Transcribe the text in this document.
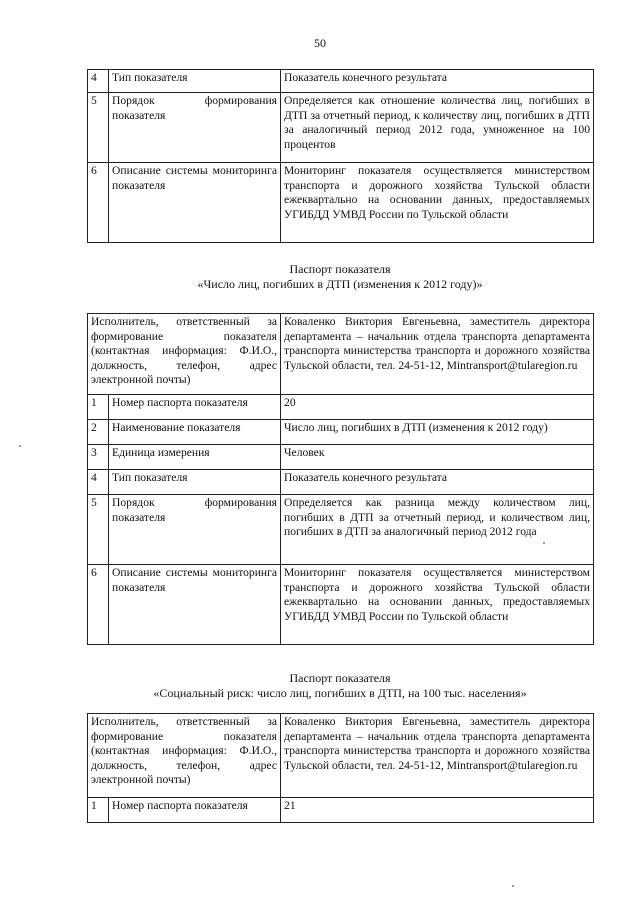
50
4	Тип показателя	Показатель конечного результата
5	Порядок формирования показателя	Определяется как отношение количества лиц, погибших в ДТП за отчетный период, к количеству лиц, погибших в ДТП за аналогичный период 2012 года, умноженное на 100 процентов
6	Описание системы мониторинга показателя	Мониторинг показателя осуществляется министерством транспорта и дорожного хозяйства Тульской области ежеквартально на основании данных, предоставляемых УГИБДД УМВД России по Тульской области
Паспорт показателя
«Число лиц, погибших в ДТП (изменения к 2012 году)»
Исполнитель, ответственный за формирование показателя (контактная информация: Ф.И.О., должность, телефон, адрес электронной почты)		Коваленко Виктория Евгеньевна, заместитель директора департамента – начальник отдела транспорта департамента транспорта министерства транспорта и дорожного хозяйства Тульской области, тел. 24-51-12, Mintransport@tularegion.ru
1	Номер паспорта показателя	20
2	Наименование показателя	Число лиц, погибших в ДТП (изменения к 2012 году)
3	Единица измерения	Человек
4	Тип показателя	Показатель конечного результата
5	Порядок формирования показателя	Определяется как разница между количеством лиц, погибших в ДТП за отчетный период, и количеством лиц, погибших в ДТП за аналогичный период 2012 года
6	Описание системы мониторинга показателя	Мониторинг показателя осуществляется министерством транспорта и дорожного хозяйства Тульской области ежеквартально на основании данных, предоставляемых УГИБДД УМВД России по Тульской области
Паспорт показателя
«Социальный риск: число лиц, погибших в ДТП, на 100 тыс. населения»
Исполнитель, ответственный за формирование показателя (контактная информация: Ф.И.О., должность, телефон, адрес электронной почты)		Коваленко Виктория Евгеньевна, заместитель директора департамента – начальник отдела транспорта департамента транспорта министерства транспорта и дорожного хозяйства Тульской области, тел. 24-51-12, Mintransport@tularegion.ru
1	Номер паспорта показателя	21
